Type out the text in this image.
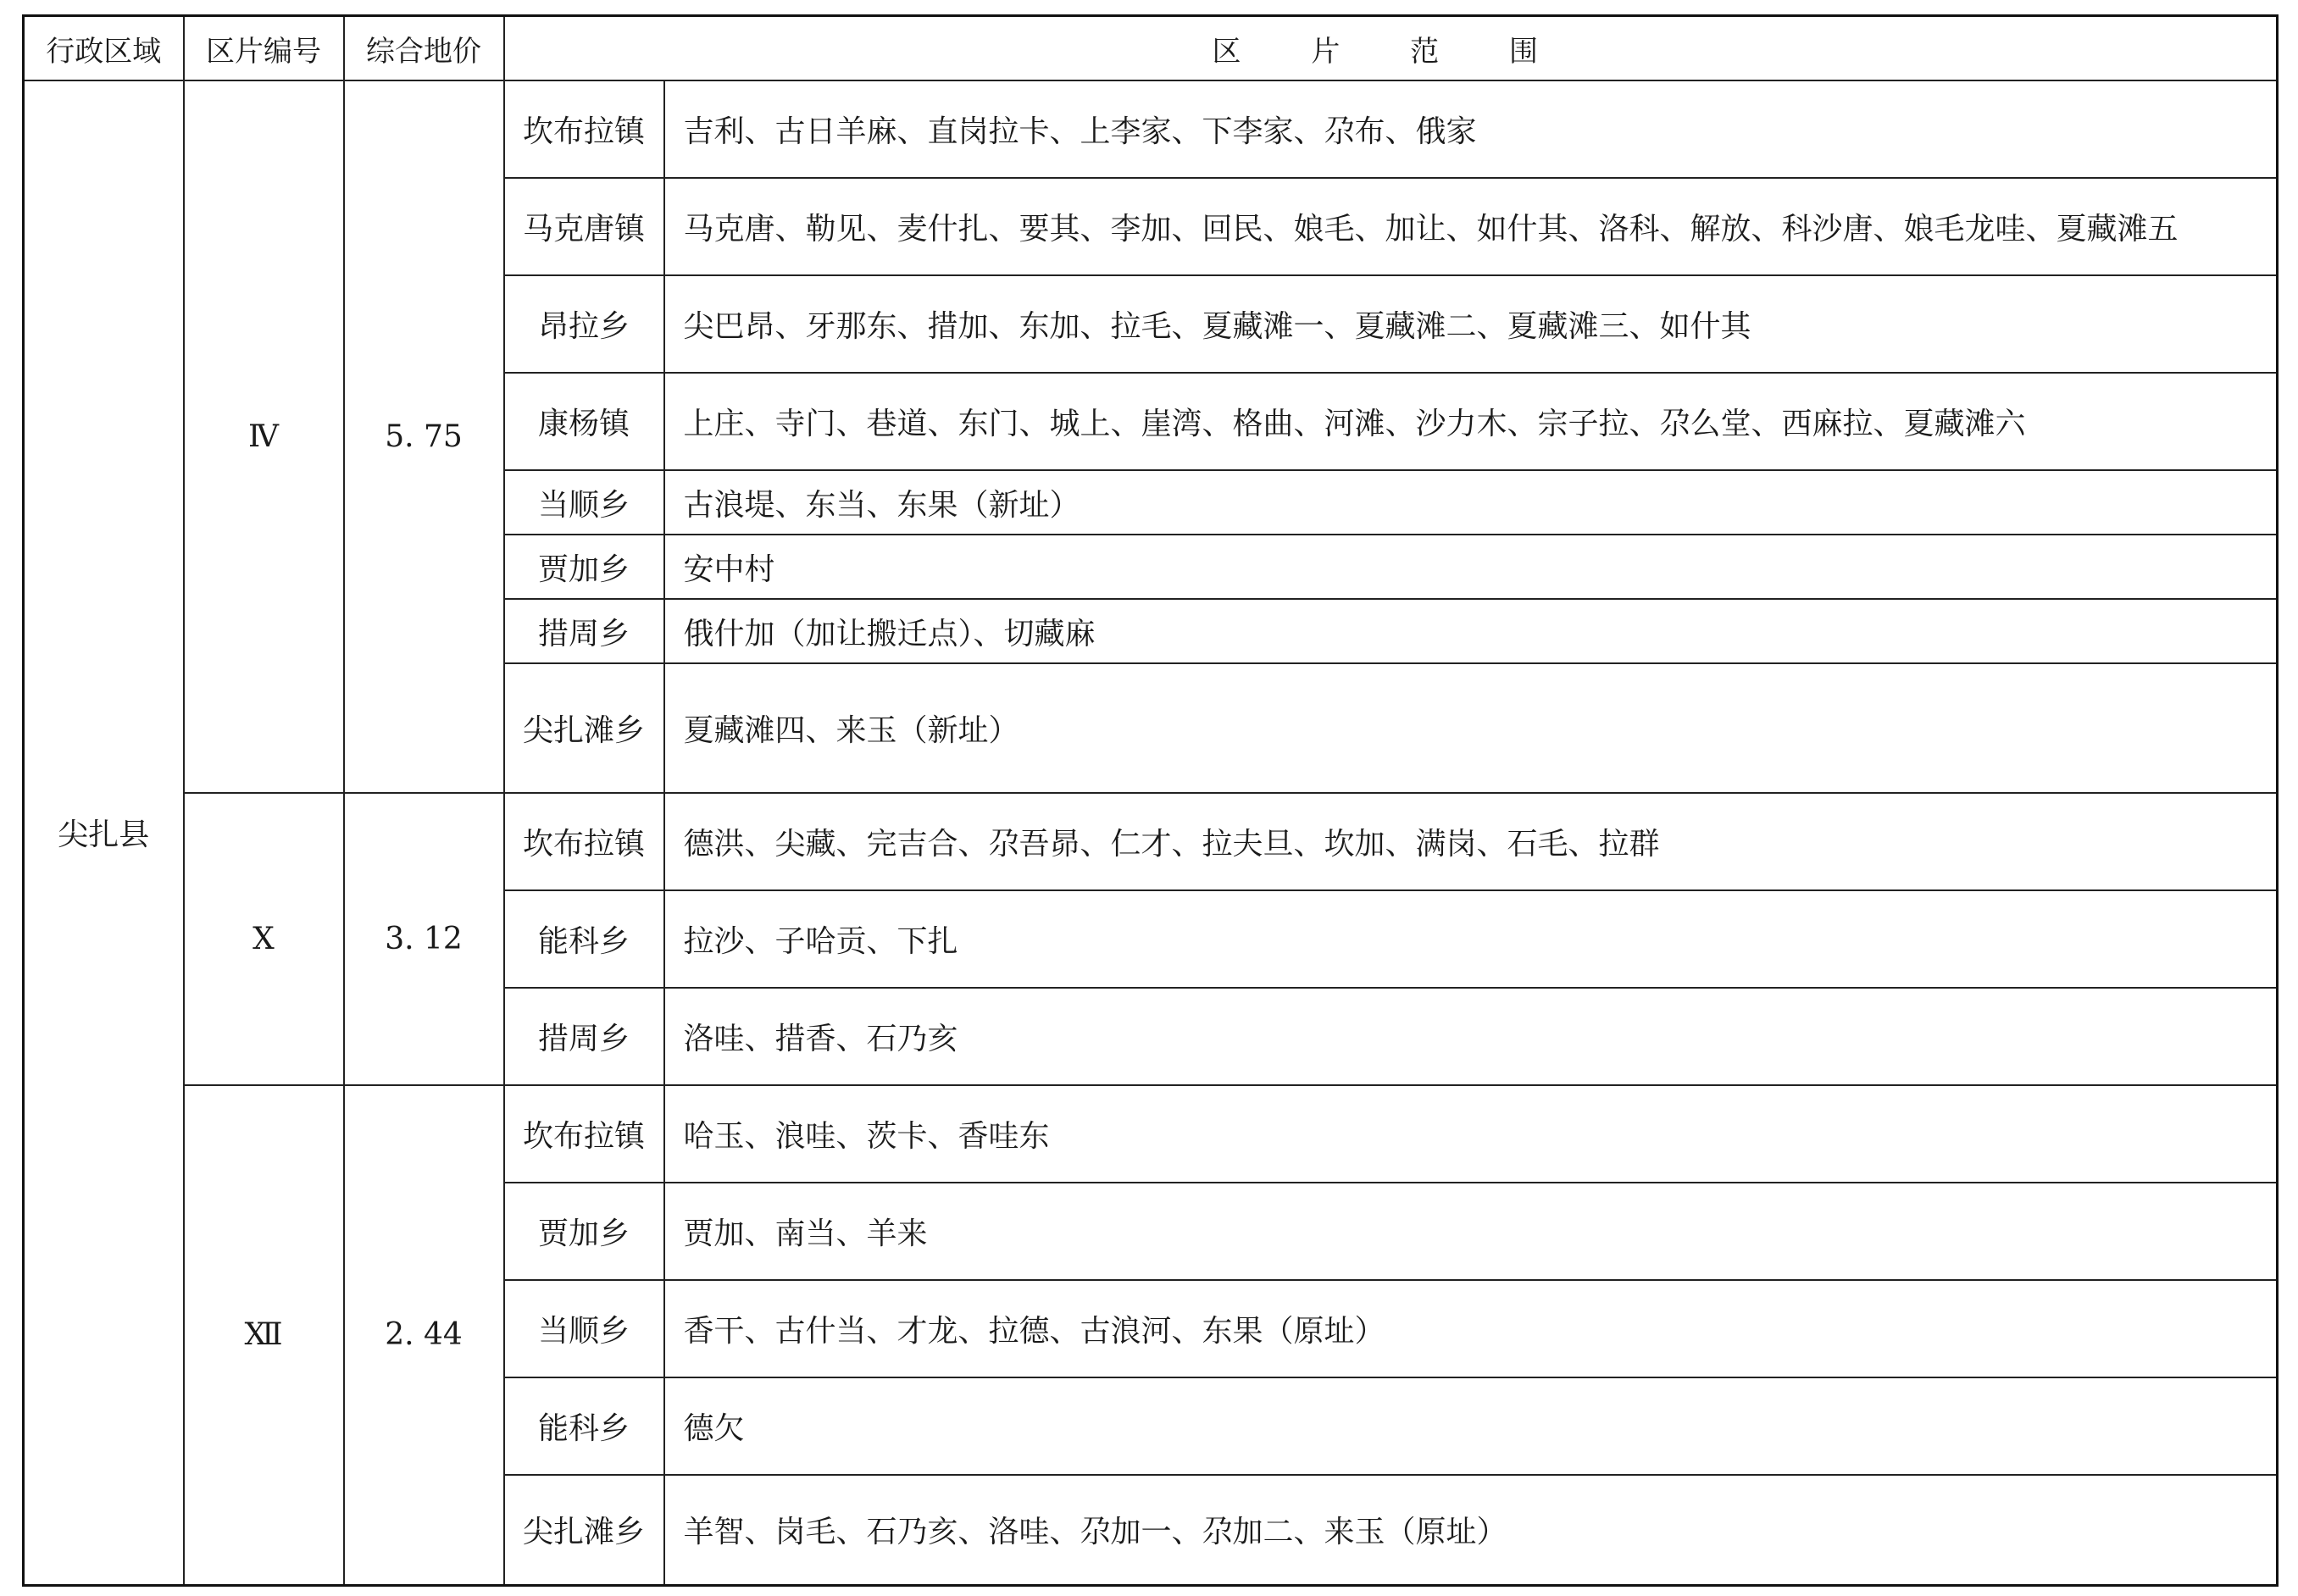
行政区域	区片编号	综合地价	区 片 范 围	
尖扎县	Ⅳ	5. 75	坎布拉镇	吉利、古日羊麻、直岗拉卡、上李家、下李家、尕布、俄家
			马克唐镇	马克唐、勒见、麦什扎、要其、李加、回民、娘毛、加让、如什其、洛科、解放、科沙唐、娘毛龙哇、夏藏滩五
			昂拉乡	尖巴昂、牙那东、措加、东加、拉毛、夏藏滩一、夏藏滩二、夏藏滩三、如什其
			康杨镇	上庄、寺门、巷道、东门、城上、崖湾、格曲、河滩、沙力木、宗子拉、尕么堂、西麻拉、夏藏滩六
			当顺乡	古浪堤、东当、东果（新址）
			贾加乡	安中村
			措周乡	俄什加（加让搬迁点）、切藏麻
			尖扎滩乡	夏藏滩四、来玉（新址）
	Ⅹ	3. 12	坎布拉镇	德洪、尖藏、完吉合、尕吾昴、仁才、拉夫旦、坎加、满岗、石毛、拉群
			能科乡	拉沙、子哈贡、下扎
			措周乡	洛哇、措香、石乃亥
	Ⅻ	2. 44	坎布拉镇	哈玉、浪哇、茨卡、香哇东
			贾加乡	贾加、南当、羊来
			当顺乡	香干、古什当、才龙、拉德、古浪河、东果（原址）
			能科乡	德欠
			尖扎滩乡	羊智、岗毛、石乃亥、洛哇、尕加一、尕加二、来玉（原址）
